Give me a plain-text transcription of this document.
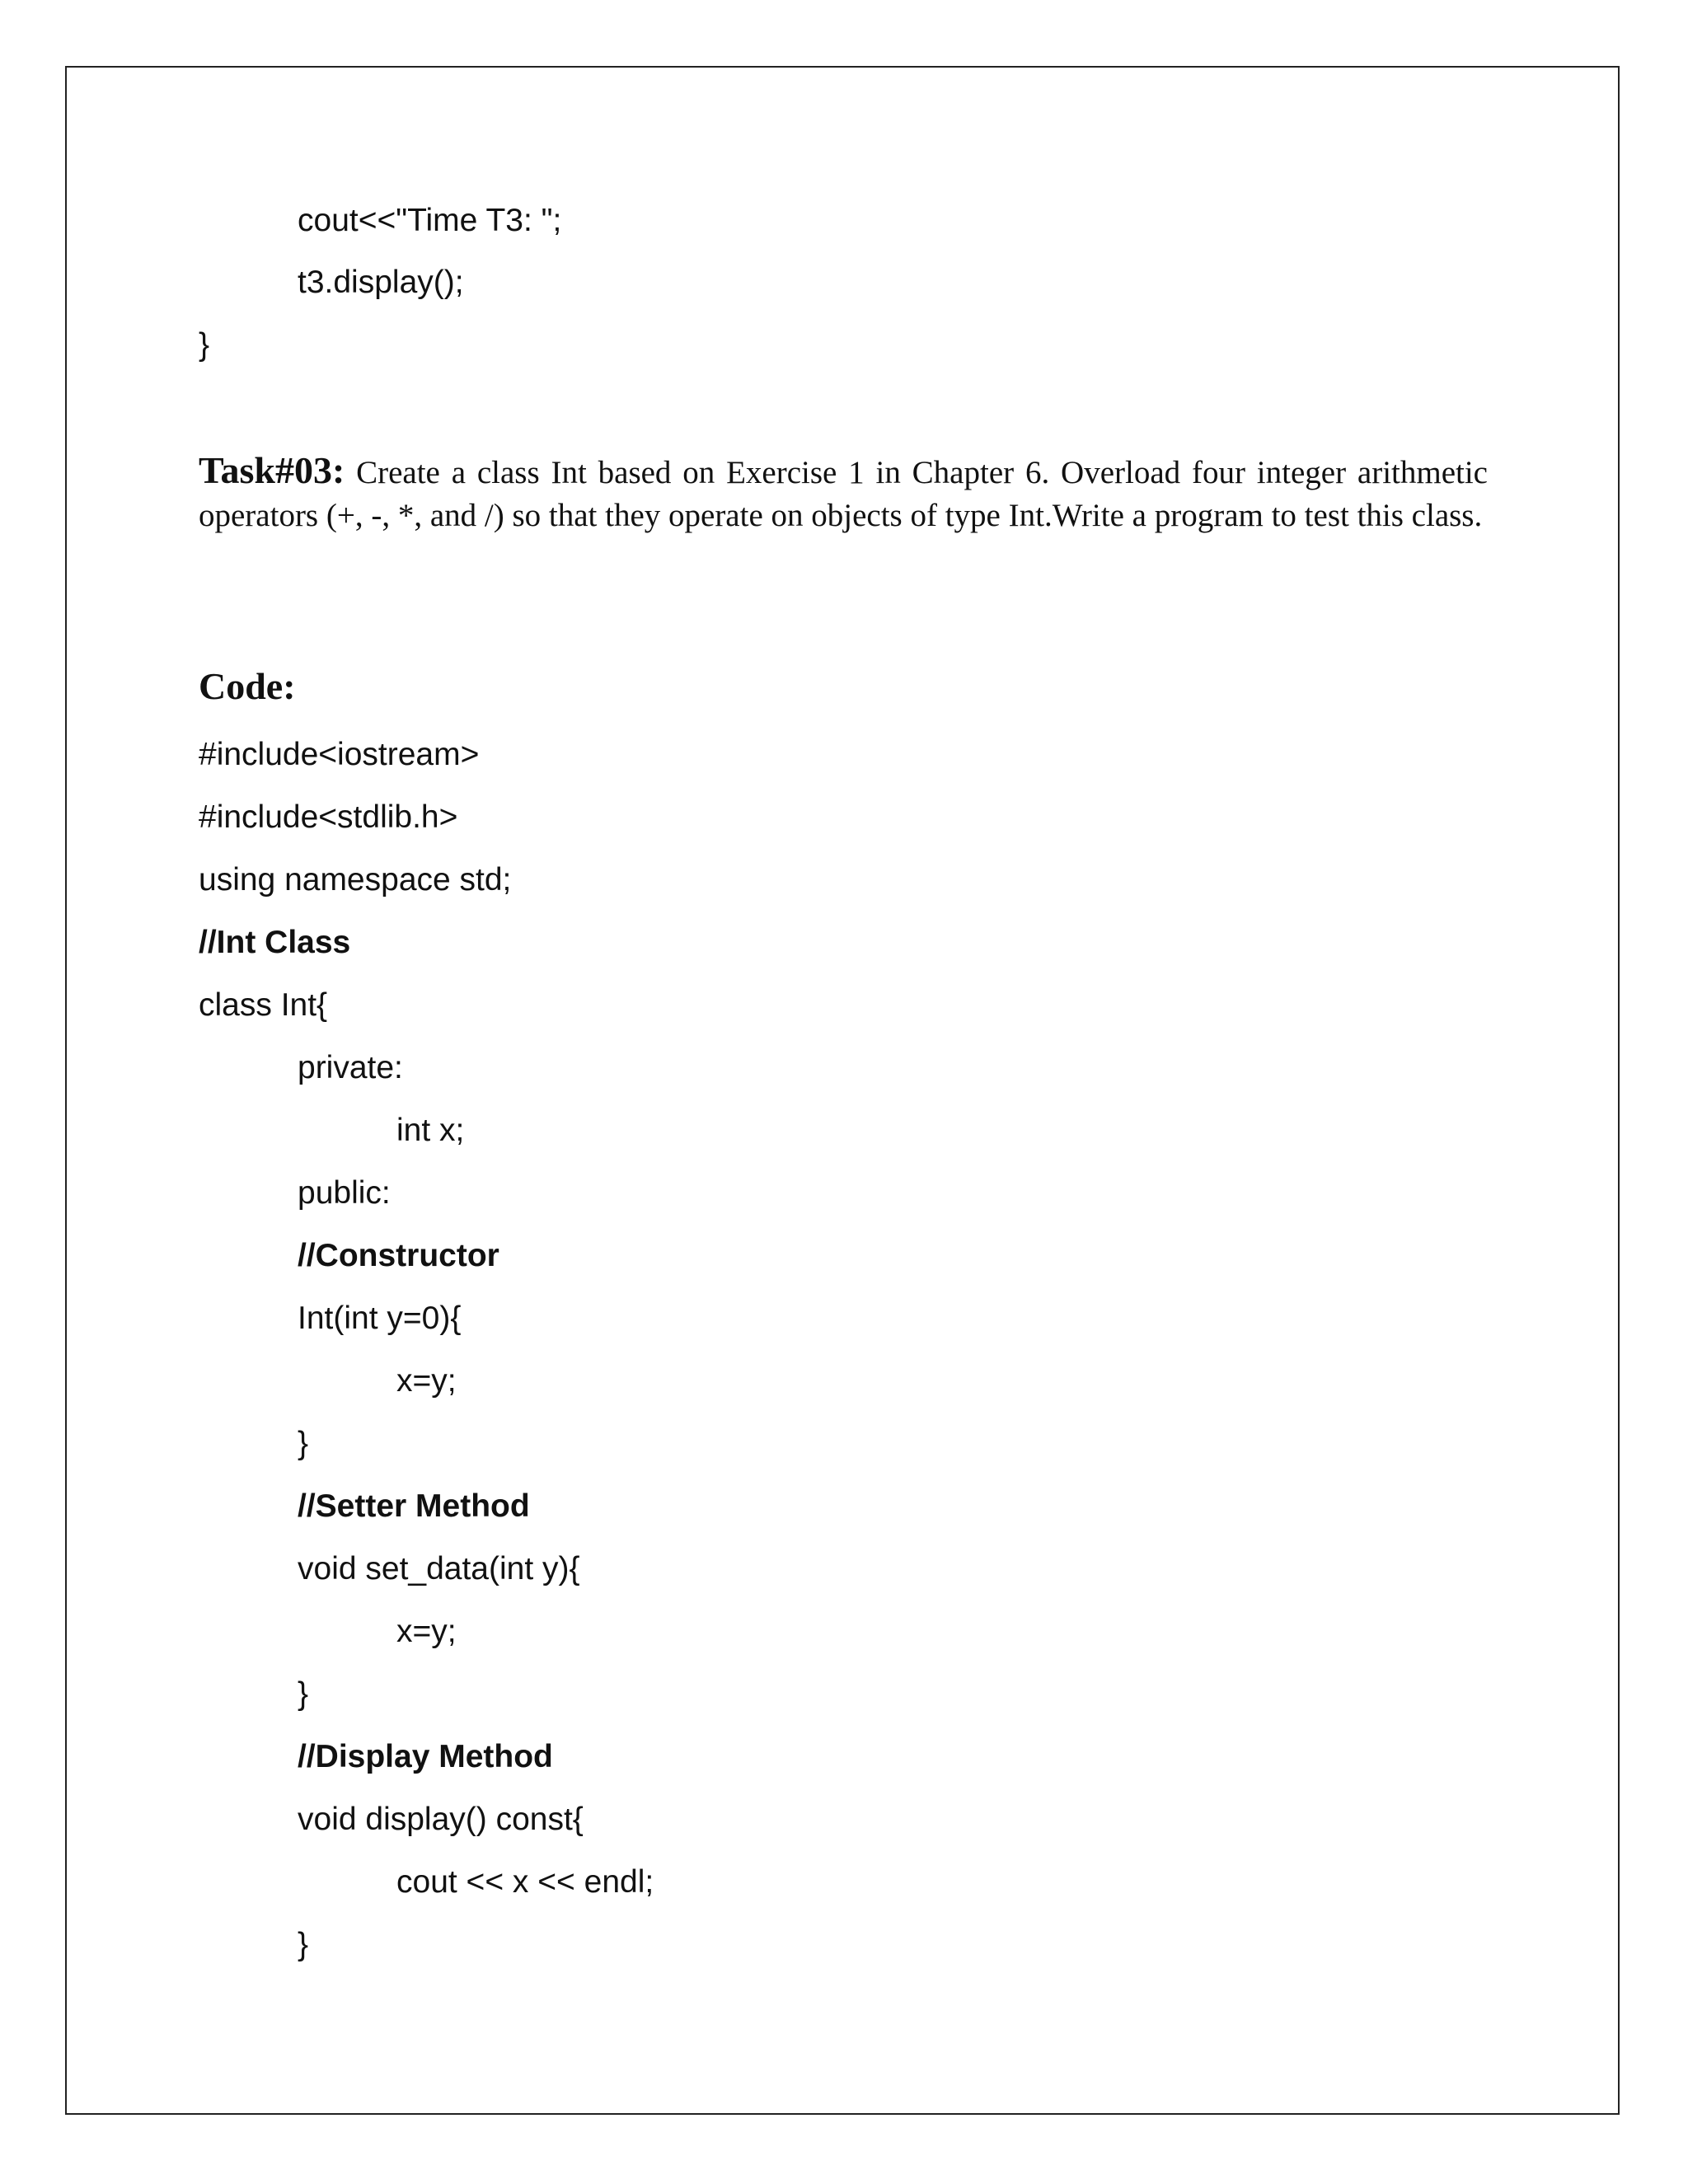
cout<<"Time T3: ";
t3.display();
}
Task#03: Create a class Int based on Exercise 1 in Chapter 6. Overload four integer arithmetic operators (+, -, *, and /) so that they operate on objects of type Int.Write a program to test this class.
Code:
#include<iostream>
#include<stdlib.h>
using namespace std;
//Int Class
class Int{
private:
int x;
public:
//Constructor
Int(int y=0){
x=y;
}
//Setter Method
void set_data(int y){
x=y;
}
//Display Method
void display() const{
cout << x << endl;
}
